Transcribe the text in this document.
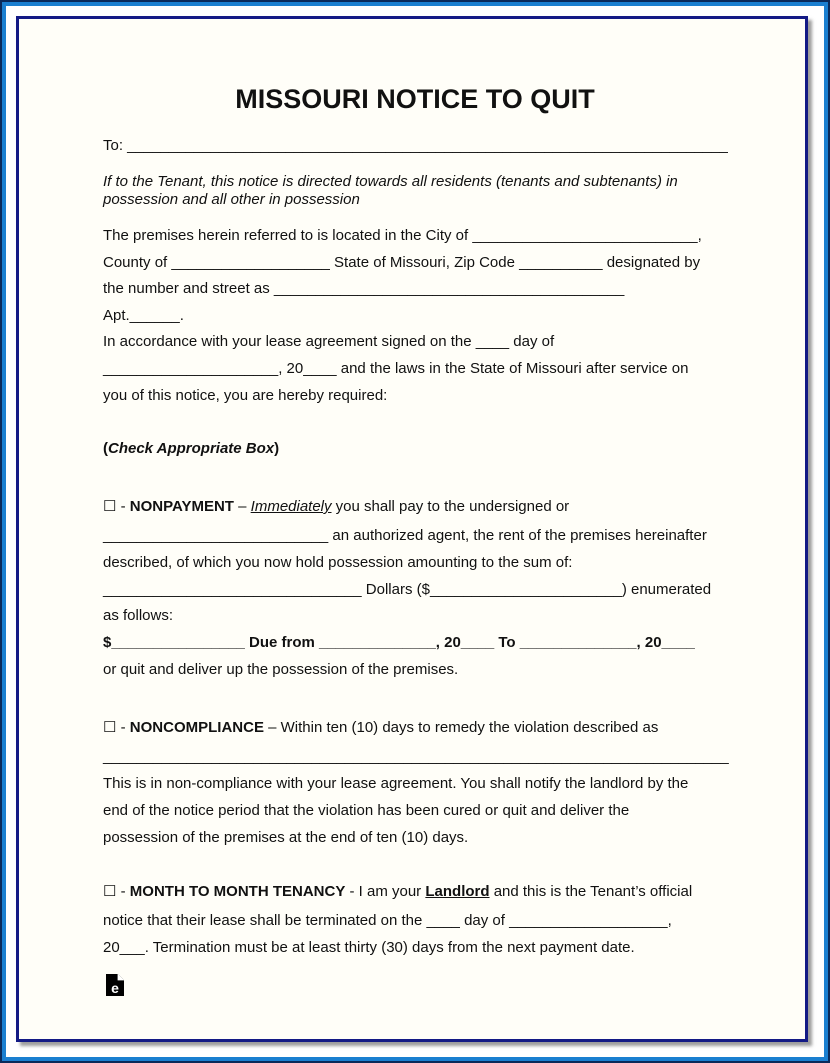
MISSOURI NOTICE TO QUIT
To: ________________________________________________________________________
If to the Tenant, this notice is directed towards all residents (tenants and subtenants) in
possession and all other in possession
The premises herein referred to is located in the City of ___________________________,
County of ___________________ State of Missouri, Zip Code __________ designated by
the number and street as __________________________________________
Apt.______.
In accordance with your lease agreement signed on the ____ day of
_____________________, 20____ and the laws in the State of Missouri after service on
you of this notice, you are hereby required:
(Check Appropriate Box)
☐ - NONPAYMENT – Immediately you shall pay to the undersigned or
___________________________ an authorized agent, the rent of the premises hereinafter
described, of which you now hold possession amounting to the sum of:
_______________________________ Dollars ($_______________________) enumerated
as follows:
$________________ Due from ______________, 20____ To ______________, 20____
or quit and deliver up the possession of the premises.
☐ - NONCOMPLIANCE – Within ten (10) days to remedy the violation described as
___________________________________________________________________________
This is in non-compliance with your lease agreement. You shall notify the landlord by the
end of the notice period that the violation has been cured or quit and deliver the
possession of the premises at the end of ten (10) days.
☐ - MONTH TO MONTH TENANCY - I am your Landlord and this is the Tenant’s official
notice that their lease shall be terminated on the ____ day of ___________________,
20___. Termination must be at least thirty (30) days from the next payment date.
e
